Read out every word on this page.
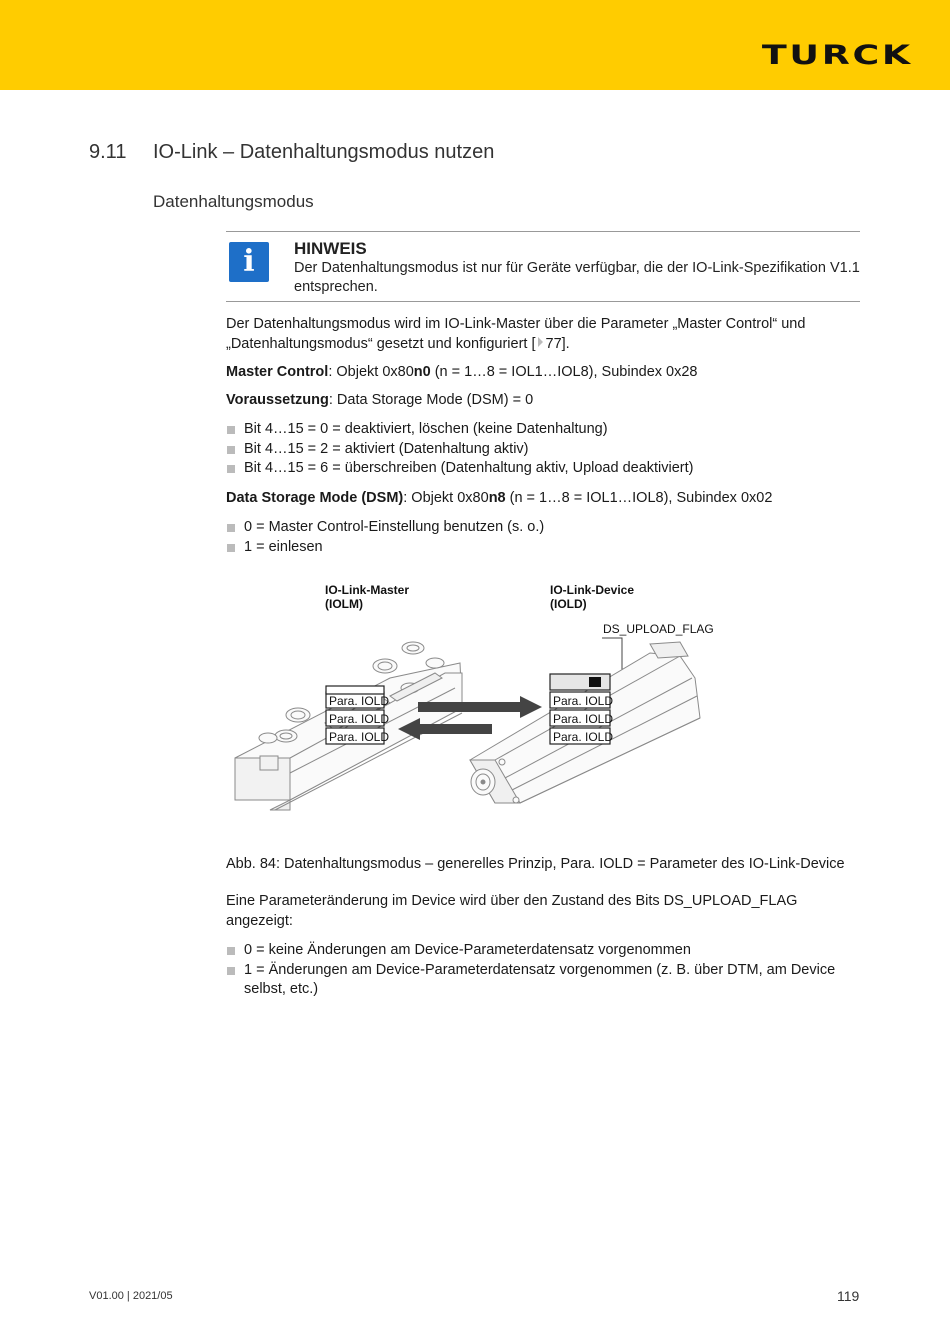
TURCK
9.11 IO-Link – Datenhaltungsmodus nutzen
Datenhaltungsmodus
i	HINWEIS
Der Datenhaltungsmodus ist nur für Geräte verfügbar, die der IO-Link-Spezifikation V1.1 entsprechen.
Der Datenhaltungsmodus wird im IO-Link-Master über die Parameter „Master Control“ und „Datenhaltungsmodus“ gesetzt und konfiguriert [ 77].
Master Control: Objekt 0x80n0 (n = 1…8 = IOL1…IOL8), Subindex 0x28
Voraussetzung: Data Storage Mode (DSM) = 0
Bit 4…15 = 0 = deaktiviert, löschen (keine Datenhaltung)
Bit 4…15 = 2 = aktiviert (Datenhaltung aktiv)
Bit 4…15 = 6 = überschreiben (Datenhaltung aktiv, Upload deaktiviert)
Data Storage Mode (DSM): Objekt 0x80n8 (n = 1…8 = IOL1…IOL8), Subindex 0x02
0 = Master Control-Einstellung benutzen (s. o.)
1 = einlesen
IO-Link-Master
(IOLM)
IO-Link-Device
(IOLD)
DS_UPLOAD_FLAG
Para. IOLD
Para. IOLD
Para. IOLD
Para. IOLD
Para. IOLD
Para. IOLD
Abb. 84: Datenhaltungsmodus – generelles Prinzip, Para. IOLD = Parameter des IO-Link-Device
Eine Parameteränderung im Device wird über den Zustand des Bits DS_UPLOAD_FLAG angezeigt:
0 = keine Änderungen am Device-Parameterdatensatz vorgenommen
1 = Änderungen am Device-Parameterdatensatz vorgenommen (z. B. über DTM, am Device selbst, etc.)
V01.00 | 2021/05	119
